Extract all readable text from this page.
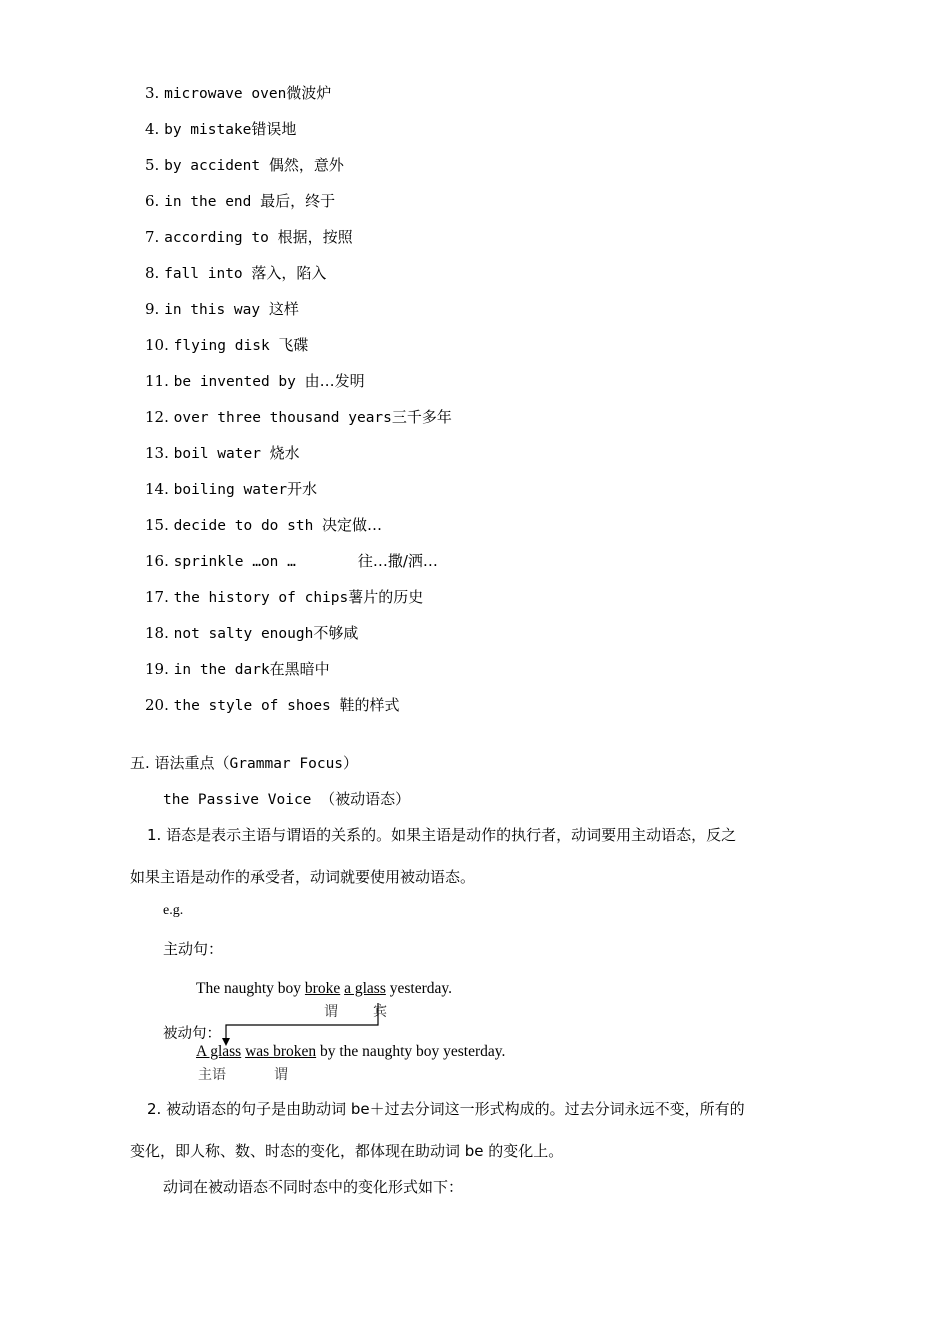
3. microwave oven微波炉
4. by mistake错误地
5. by accident 偶然，意外
6. in the end 最后，终于
7. according to 根据，按照
8. fall into 落入，陷入
9. in this way 这样
10. flying disk 飞碟
11. be invented by 由…发明
12. over three thousand years三千多年
13. boil water 烧水
14. boiling water开水
15. decide to do sth 决定做…
16. sprinkle …on …	往…撒/洒…
17. the history of chips薯片的历史
18. not salty enough不够咸
19. in the dark在黑暗中
20. the style of shoes 鞋的样式
五. 语法重点（Grammar Focus）
the Passive Voice （被动语态）
1. 语态是表示主语与谓语的关系的。如果主语是动作的执行者，动词要用主动语态，反之
如果主语是动作的承受者，动词就要使用被动语态。
e.g.
主动句：
The naughty boy broke a glass yesterday.
谓	宾
被动句：
A glass was broken by the naughty boy yesterday.
主语	谓
2. 被动语态的句子是由助动词 be＋过去分词这一形式构成的。过去分词永远不变，所有的
变化，即人称、数、时态的变化，都体现在助动词 be 的变化上。
动词在被动语态不同时态中的变化形式如下：
